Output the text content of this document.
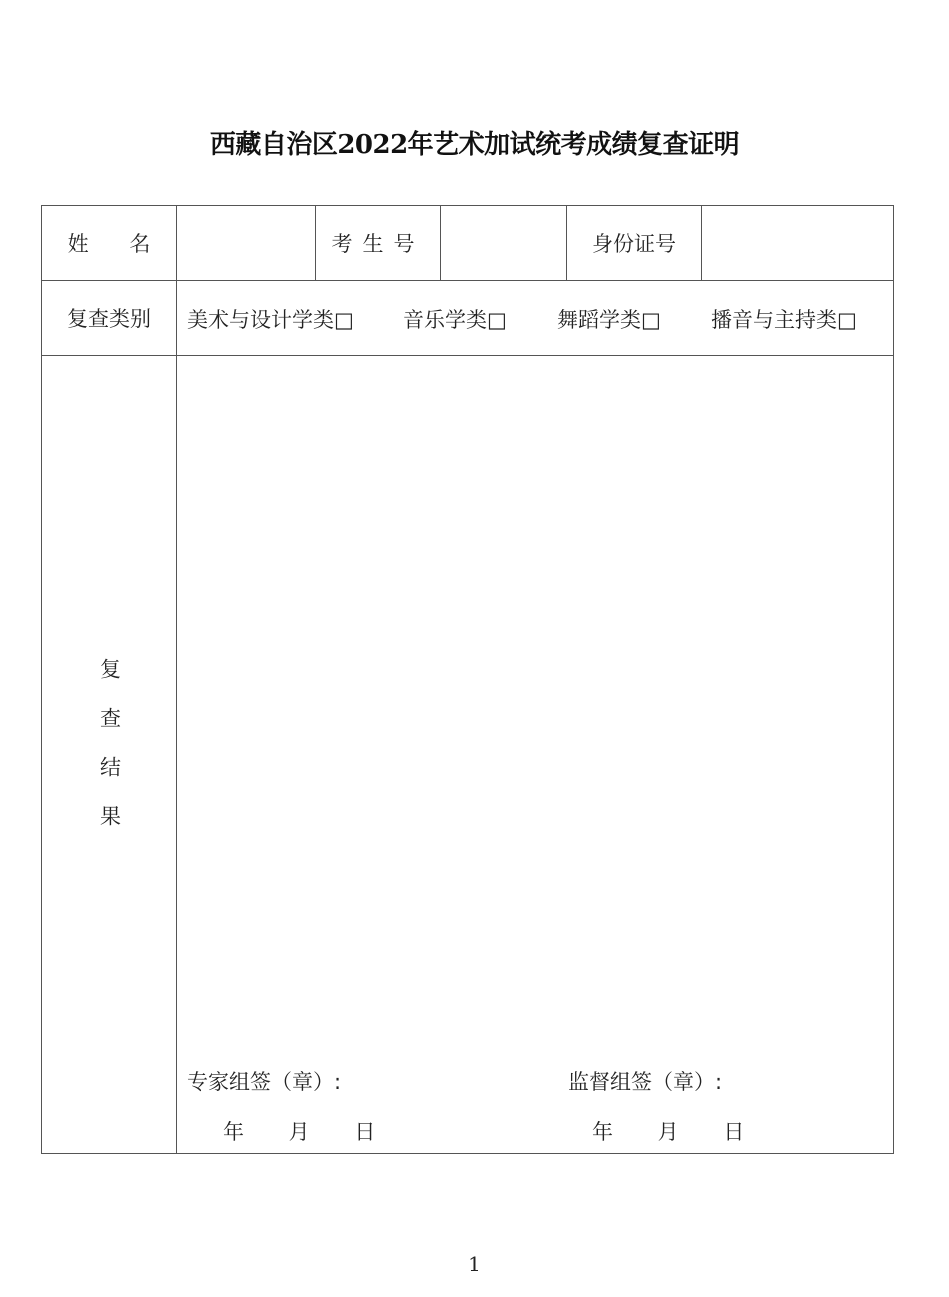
西藏自治区2022年艺术加试统考成绩复查证明
姓 名	考生号	身份证号
复查类别	美术与设计学类□ 音乐学类□ 舞蹈学类□ 播音与主持类□
复查结果
专家组签（章）:	监督组签（章）:
年 月 日	年 月 日
1
